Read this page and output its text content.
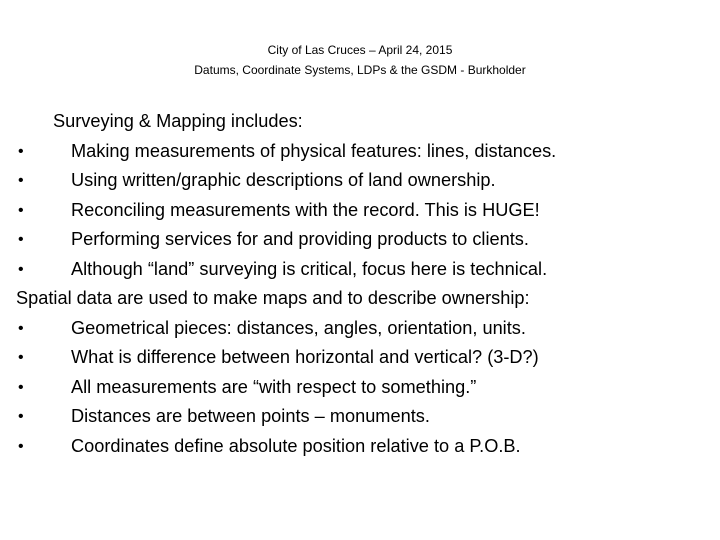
City of Las Cruces – April 24, 2015
Datums, Coordinate Systems, LDPs & the GSDM - Burkholder
Surveying & Mapping includes:
•	Making measurements of physical features: lines, distances.
•	Using written/graphic descriptions of land ownership.
•	Reconciling measurements with the record. This is HUGE!
•	Performing services for and providing products to clients.
•	Although “land” surveying is critical, focus here is technical.
Spatial data are used to make maps and to describe ownership:
•	Geometrical pieces: distances, angles, orientation, units.
•	What is difference between horizontal and vertical? (3-D?)
•	All measurements are “with respect to something.”
•	Distances are between points – monuments.
•	Coordinates define absolute position relative to a P.O.B.
